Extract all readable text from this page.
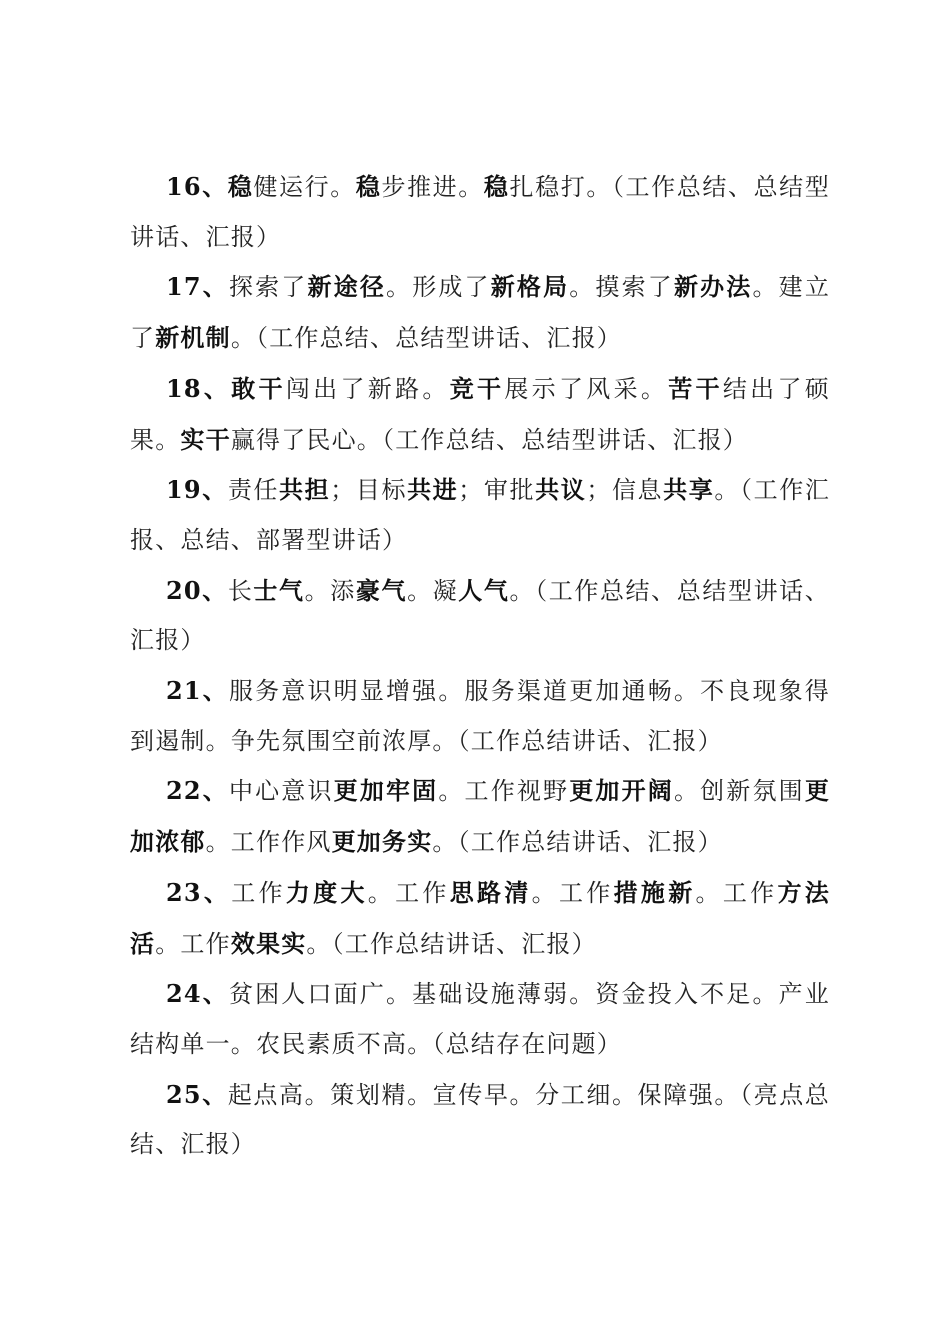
16、稳健运行。稳步推进。稳扎稳打。（工作总结、总结型讲话、汇报）

17、探索了新途径。形成了新格局。摸索了新办法。建立了新机制。（工作总结、总结型讲话、汇报）

18、敢干闯出了新路。竞干展示了风采。苦干结出了硕果。实干赢得了民心。（工作总结、总结型讲话、汇报）

19、责任共担；目标共进；审批共议；信息共享。（工作汇报、总结、部署型讲话）

20、长士气。添豪气。凝人气。（工作总结、总结型讲话、汇报）

21、服务意识明显增强。服务渠道更加通畅。不良现象得到遏制。争先氛围空前浓厚。（工作总结讲话、汇报）

22、中心意识更加牢固。工作视野更加开阔。创新氛围更加浓郁。工作作风更加务实。（工作总结讲话、汇报）

23、工作力度大。工作思路清。工作措施新。工作方法活。工作效果实。（工作总结讲话、汇报）

24、贫困人口面广。基础设施薄弱。资金投入不足。产业结构单一。农民素质不高。（总结存在问题）

25、起点高。策划精。宣传早。分工细。保障强。（亮点总结、汇报）
